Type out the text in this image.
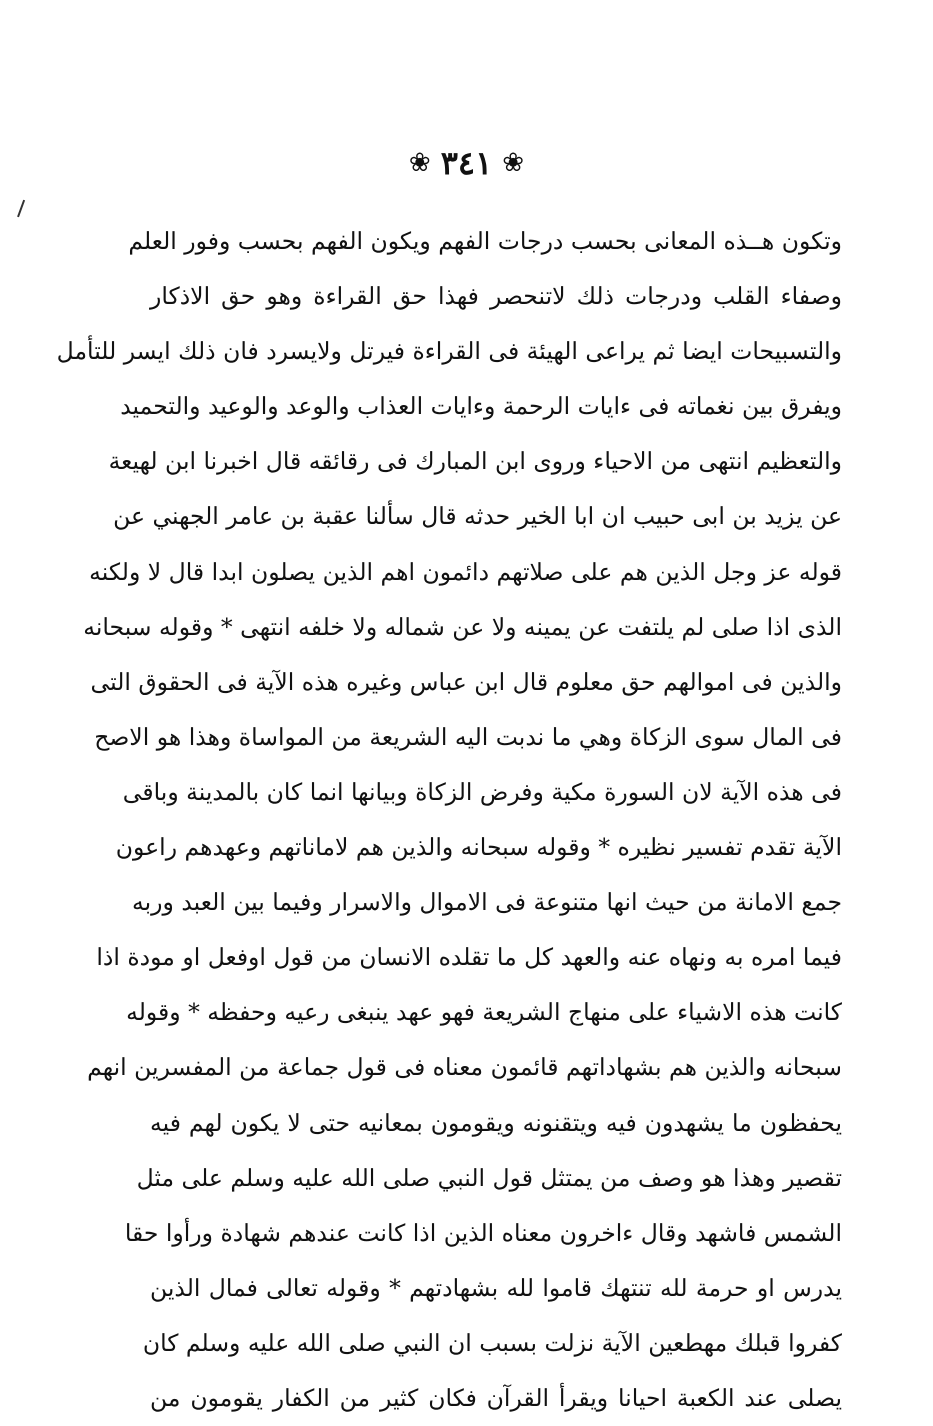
❀
٣٤١
❀
وتكون هــذه المعانى بحسب درجات الفهم ويكون الفهم بحسب وفور العلم
وصفاء القلب ودرجات ذلك لاتنحصر فهذا حق القراءة وهو حق الاذكار
والتسبيحات ايضا ثم يراعى الهيئة فى القراءة فيرتل ولايسرد فان ذلك ايسر للتأمل
ويفرق بين نغماته فى ءايات الرحمة وءايات العذاب والوعد والوعيد والتحميد
والتعظيم انتهى من الاحياء وروى ابن المبارك فى رقائقه قال اخبرنا ابن لهيعة
عن يزيد بن ابى حبيب ان ابا الخير حدثه قال سألنا عقبة بن عامر الجهني عن
قوله عز وجل الذين هم على صلاتهم دائمون اهم الذين يصلون ابدا قال لا ولكنه
الذى اذا صلى لم يلتفت عن يمينه ولا عن شماله ولا خلفه انتهى * وقوله سبحانه
والذين فى اموالهم حق معلوم قال ابن عباس وغيره هذه الآية فى الحقوق التى
فى المال سوى الزكاة وهي ما ندبت اليه الشريعة من المواساة وهذا هو الاصح
فى هذه الآية لان السورة مكية وفرض الزكاة وبيانها انما كان بالمدينة وباقى
الآية تقدم تفسير نظيره * وقوله سبحانه والذين هم لاماناتهم وعهدهم راعون
جمع الامانة من حيث انها متنوعة فى الاموال والاسرار وفيما بين العبد وربه
فيما امره به ونهاه عنه والعهد كل ما تقلده الانسان من قول اوفعل او مودة اذا
كانت هذه الاشياء على منهاج الشريعة فهو عهد ينبغى رعيه وحفظه * وقوله
سبحانه والذين هم بشهاداتهم قائمون معناه فى قول جماعة من المفسرين انهم
يحفظون ما يشهدون فيه ويتقنونه ويقومون بمعانيه حتى لا يكون لهم فيه
تقصير وهذا هو وصف من يمتثل قول النبي صلى الله عليه وسلم على مثل
الشمس فاشهد وقال ءاخرون معناه الذين اذا كانت عندهم شهادة ورأوا حقا
يدرس او حرمة لله تنتهك قاموا لله بشهادتهم * وقوله تعالى فمال الذين
كفروا قبلك مهطعين الآية نزلت بسبب ان النبي صلى الله عليه وسلم كان
يصلى عند الكعبة احيانا ويقرأ القرآن فكان كثير من الكفار يقومون من
